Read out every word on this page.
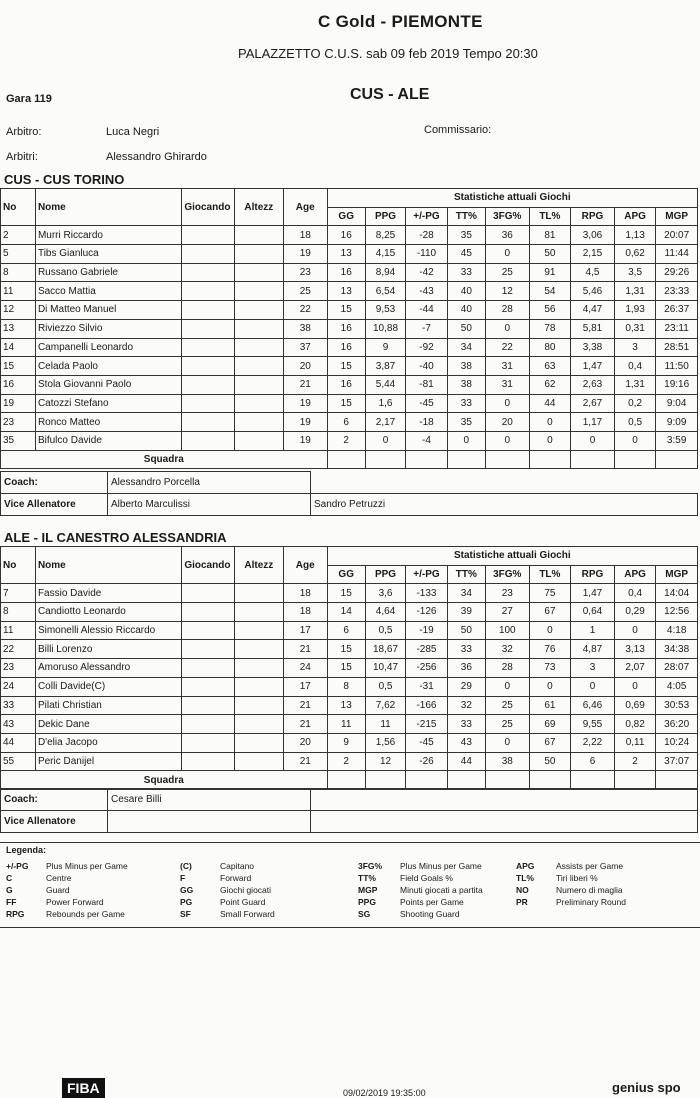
C Gold - PIEMONTE
PALAZZETTO C.U.S. sab 09 feb 2019 Tempo 20:30
Gara 119	CUS - ALE
Arbitro:	Luca Negri	Commissario:
Arbitri:	Alessandro Ghirardo
CUS - CUS TORINO
No	Nome	Giocando	Altezz	Age	Statistiche attuali Giochi								
					GG	PPG	+/-PG	TT%	3FG%	TL%	RPG	APG	MGP
2	Murri Riccardo			18	16	8,25	-28	35	36	81	3,06	1,13	20:07
5	Tibs Gianluca			19	13	4,15	-110	45	0	50	2,15	0,62	11:44
8	Russano Gabriele			23	16	8,94	-42	33	25	91	4,5	3,5	29:26
11	Sacco Mattia			25	13	6,54	-43	40	12	54	5,46	1,31	23:33
12	Di Matteo Manuel			22	15	9,53	-44	40	28	56	4,47	1,93	26:37
13	Riviezzo Silvio			38	16	10,88	-7	50	0	78	5,81	0,31	23:11
14	Campanelli Leonardo			37	16	9	-92	34	22	80	3,38	3	28:51
15	Celada Paolo			20	15	3,87	-40	38	31	63	1,47	0,4	11:50
16	Stola Giovanni Paolo			21	16	5,44	-81	38	31	62	2,63	1,31	19:16
19	Catozzi Stefano			19	15	1,6	-45	33	0	44	2,67	0,2	9:04
23	Ronco Matteo			19	6	2,17	-18	35	20	0	1,17	0,5	9:09
35	Bifulco Davide			19	2	0	-4	0	0	0	0	0	3:59
Squadra													
Coach:	Alessandro Porcella	
Vice Allenatore	Alberto Marculissi	Sandro Petruzzi
ALE - IL CANESTRO ALESSANDRIA
No	Nome	Giocando	Altezz	Age	Statistiche attuali Giochi								
					GG	PPG	+/-PG	TT%	3FG%	TL%	RPG	APG	MGP
7	Fassio Davide			18	15	3,6	-133	34	23	75	1,47	0,4	14:04
8	Candiotto Leonardo			18	14	4,64	-126	39	27	67	0,64	0,29	12:56
11	Simonelli Alessio Riccardo			17	6	0,5	-19	50	100	0	1	0	4:18
22	Billi Lorenzo			21	15	18,67	-285	33	32	76	4,87	3,13	34:38
23	Amoruso Alessandro			24	15	10,47	-256	36	28	73	3	2,07	28:07
24	Colli Davide(C)			17	8	0,5	-31	29	0	0	0	0	4:05
33	Pilati Christian			21	13	7,62	-166	32	25	61	6,46	0,69	30:53
43	Dekic Dane			21	11	11	-215	33	25	69	9,55	0,82	36:20
44	D'elia Jacopo			20	9	1,56	-45	43	0	67	2,22	0,11	10:24
55	Peric Danijel			21	2	12	-26	44	38	50	6	2	37:07
Squadra													
Coach:	Cesare Billi	
Vice Allenatore		
Legenda:
+/-PG Plus Minus per Game
C	Centre
G	Guard
FF	Power Forward
RPG	Rebounds per Game
(C)	Capitano
F	Forward
GG	Giochi giocati
PG	Point Guard
SF	Small Forward
3FG% Plus Minus per Game
TT%	Field Goals %
MGP	Minuti giocati a partita
PPG	Points per Game
SG	Shooting Guard
APG	Assists per Game
TL%	Tiri liberi %
NO	Numero di maglia
PR	Preliminary Round
FIBA	09/02/2019 19:35:00	genius spo
